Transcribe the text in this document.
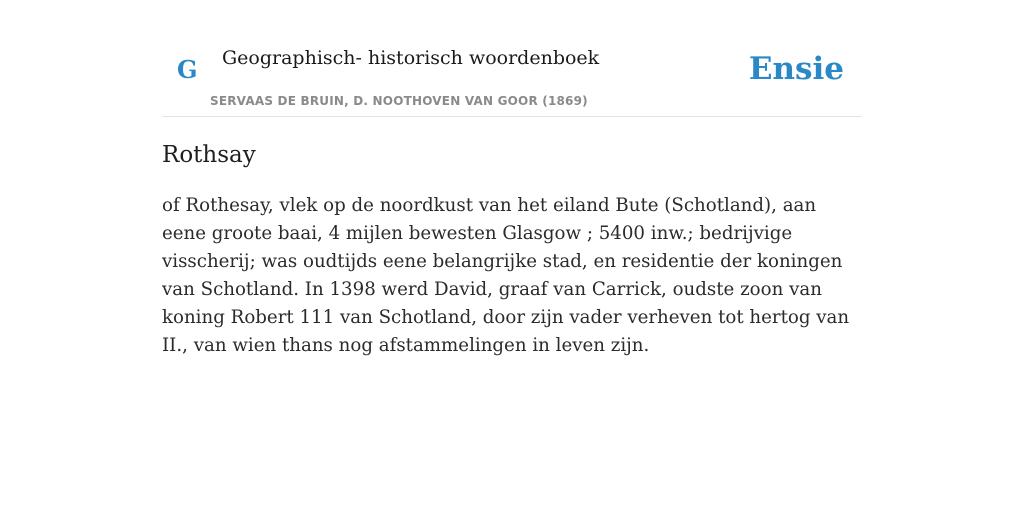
G Geographisch- historisch woordenboek
SERVAAS DE BRUIN, D. NOOTHOVEN VAN GOOR (1869)
Ensie
Rothsay

of Rothesay, vlek op de noordkust van het eiland Bute (Schotland), aan eene groote baai, 4 mijlen bewesten Glasgow ; 5400 inw.; bedrijvige visscherij; was oudtijds eene belangrijke stad, en residentie der koningen van Schotland. In 1398 werd David, graaf van Carrick, oudste zoon van koning Robert 111 van Schotland, door zijn vader verheven tot hertog van II., van wien thans nog afstammelingen in leven zijn.
